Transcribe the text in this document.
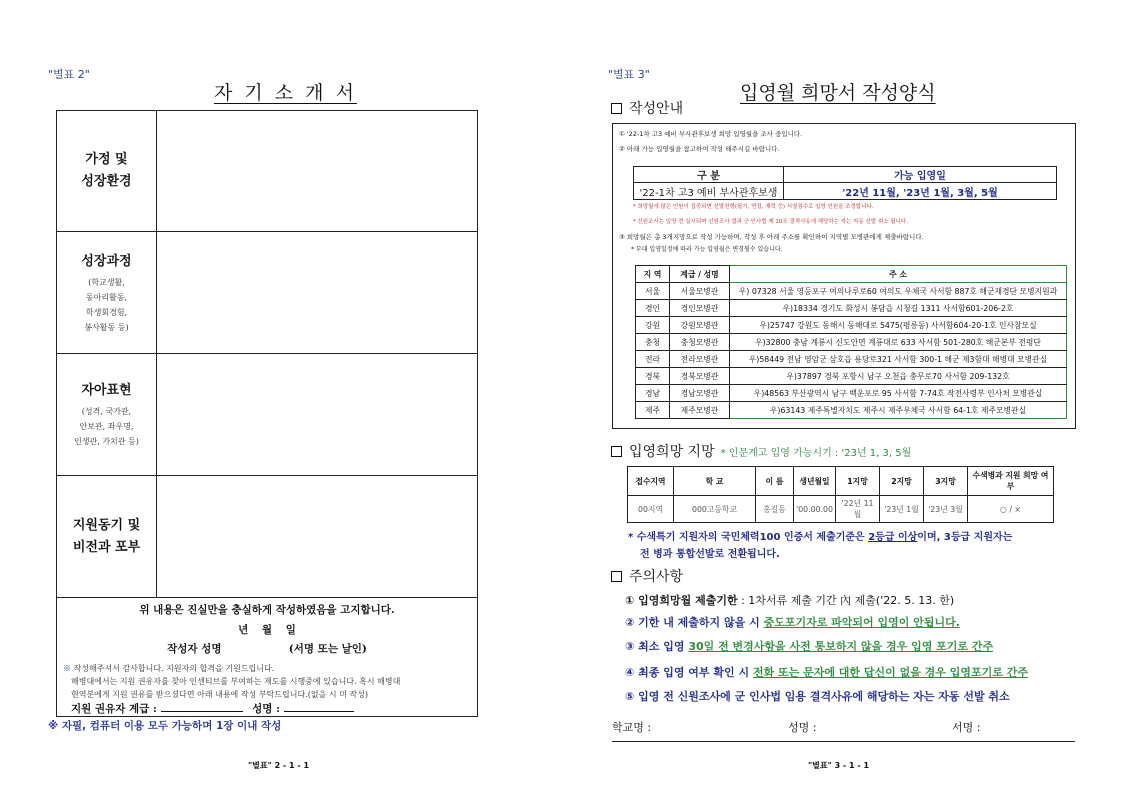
"별표 2"
자 기 소 개 서
가정 및
성장환경
성장과정
(학교생활,
동아리활동,
학생회경험,
봉사활동 등)
자아표현
(성격, 국가관,
안보관, 좌우명,
인생관, 가치관 등)
지원동기 및
비전과 포부
위 내용은 진실만을 충실하게 작성하였음을 고지합니다.
년 월 일
작성자 성명	(서명 또는 날인)
※ 작성해주셔서 감사합니다. 지원자의 합격을 기원드립니다.
해병대에서는 지원 권유자를 찾아 인센티브를 부여하는 제도를 시행중에 있습니다. 혹시 해병대
현역분에게 지원 권유를 받으셨다면 아래 내용에 작성 부탁드립니다.(없을 시 미 작성)
지원 권유자 계급 :	성명 :
※ 자필, 컴퓨터 이용 모두 가능하며 1장 이내 작성
"별표" 2 - 1 - 1
"별표 3"
입영월 희망서 작성양식
작성안내
① '22-1차 고3 예비 부사관후보생 희망 입영월을 조사 중입니다.
② 아래 가능 입영월을 참고하여 작성 해주시길 바랍니다.
구 분	가능 입영일
'22-1차 고3 예비 부사관후보생	'22년 11월, '23년 1월, 3월, 5월
* 희망월에 많은 인원이 집중되면 선발전형(필기, 면접, 체력 등) 서열점수로 입영 인원을 조정합니다.
* 신원조사는 입영 전 실시되며 신원조사 결과 군 인사법 제 10조 결격사유에 해당하는 자는 자동 선발 취소 됩니다.
③ 희망월은 총 3개지망으로 작성 가능하며, 작성 후 아래 주소를 확인하여 지역별 모병관에게 제출바랍니다.
* 부대 입영일정에 따라 가능 입영월은 변경될수 있습니다.
지 역	계급 / 성명	주 소
서울	서울모병관	우) 07328 서울 영등포구 여의나루로60 여의도 우체국 사서함 887호 해군재경단 모병지원과
경인	경인모병관	우)18334 경기도 화성시 봉담읍 시청길 1311 사서함601-206-2호
강원	강원모병관	우)25747 강원도 동해시 동해대로 5475(평릉동) 사서함604-20-1호 인사참모실
충청	충청모병관	우)32800 충남 계룡시 신도안면 계룡대로 633 사서함 501-280호 해군본부 전평단
전라	전라모병관	우)58449 전남 영암군 삼호읍 용당로321 사서함 300-1 해군 제3함대 해병대 모병관실
경북	경북모병관	우)37897 경북 포항시 남구 오천읍 충무로70 사서함 209-132호
경남	경남모병관	우)48563 부산광역시 남구 백운포로 95 사서함 7-74호 작전사령부 인사처 모병관실
제주	제주모병관	우)63143 제주특별자치도 제주시 제주우체국 사서함 64-1호 제주모병관실
입영희망 지망 * 인문계고 입영 가능시기 : '23년 1, 3, 5월
접수지역	학 교	이 름	생년월일	1지망	2지망	3지망	수색병과 지원 희망 여부
00지역	000고등학교	홍길동	'00.00.00	'22년 11월	'23년 1월	'23년 3월	○ / ×
* 수색특기 지원자의 국민체력100 인증서 제출기준은 2등급 이상이며, 3등급 지원자는
전 병과 통합선발로 전환됩니다.
주의사항
① 입영희망월 제출기한 : 1차서류 제출 기간 內 제출('22. 5. 13. 한)
② 기한 내 제출하지 않을 시 중도포기자로 파악되어 입영이 안됩니다.
③ 최소 입영 30일 전 변경사항을 사전 통보하지 않을 경우 입영 포기로 간주
④ 최종 입영 여부 확인 시 전화 또는 문자에 대한 답신이 없을 경우 입영포기로 간주
⑤ 입영 전 신원조사에 군 인사법 임용 결격사유에 해당하는 자는 자동 선발 취소
학교명 :	성명 :	서명 :
"별표" 3 - 1 - 1
